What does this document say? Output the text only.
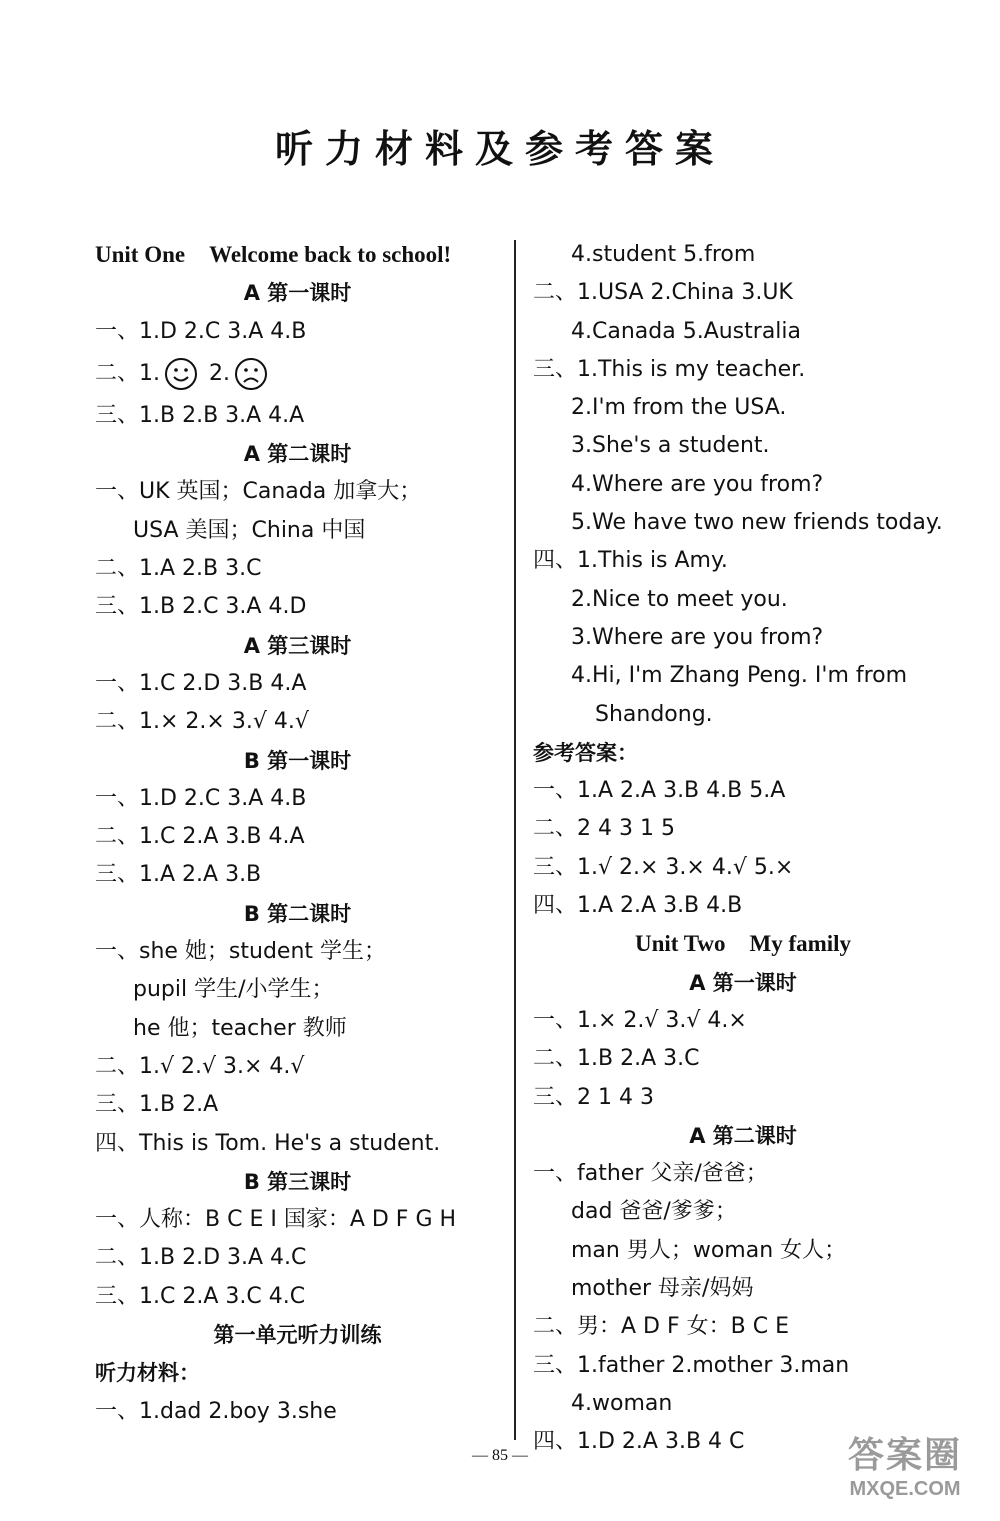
听力材料及参考答案
Unit One Welcome back to school!
A 第一课时
一、1.D 2.C 3.A 4.B
二、1. 2.
三、1.B 2.B 3.A 4.A
A 第二课时
一、UK 英国；Canada 加拿大；
USA 美国；China 中国
二、1.A 2.B 3.C
三、1.B 2.C 3.A 4.D
A 第三课时
一、1.C 2.D 3.B 4.A
二、1.× 2.× 3.√ 4.√
B 第一课时
一、1.D 2.C 3.A 4.B
二、1.C 2.A 3.B 4.A
三、1.A 2.A 3.B
B 第二课时
一、she 她；student 学生；
pupil 学生/小学生；
he 他；teacher 教师
二、1.√ 2.√ 3.× 4.√
三、1.B 2.A
四、This is Tom. He's a student.
B 第三课时
一、人称：B C E I 国家：A D F G H
二、1.B 2.D 3.A 4.C
三、1.C 2.A 3.C 4.C
第一单元听力训练
听力材料：
一、1.dad 2.boy 3.she
4.student 5.from
二、1.USA 2.China 3.UK
4.Canada 5.Australia
三、1.This is my teacher.
2.I'm from the USA.
3.She's a student.
4.Where are you from?
5.We have two new friends today.
四、1.This is Amy.
2.Nice to meet you.
3.Where are you from?
4.Hi, I'm Zhang Peng. I'm from
Shandong.
参考答案：
一、1.A 2.A 3.B 4.B 5.A
二、2 4 3 1 5
三、1.√ 2.× 3.× 4.√ 5.×
四、1.A 2.A 3.B 4.B
Unit Two My family
A 第一课时
一、1.× 2.√ 3.√ 4.×
二、1.B 2.A 3.C
三、2 1 4 3
A 第二课时
一、father 父亲/爸爸；
dad 爸爸/爹爹；
man 男人；woman 女人；
mother 母亲/妈妈
二、男：A D F 女：B C E
三、1.father 2.mother 3.man
4.woman
四、1.D 2.A 3.B 4 C
— 85 —	答案圈
MXQE.COM
